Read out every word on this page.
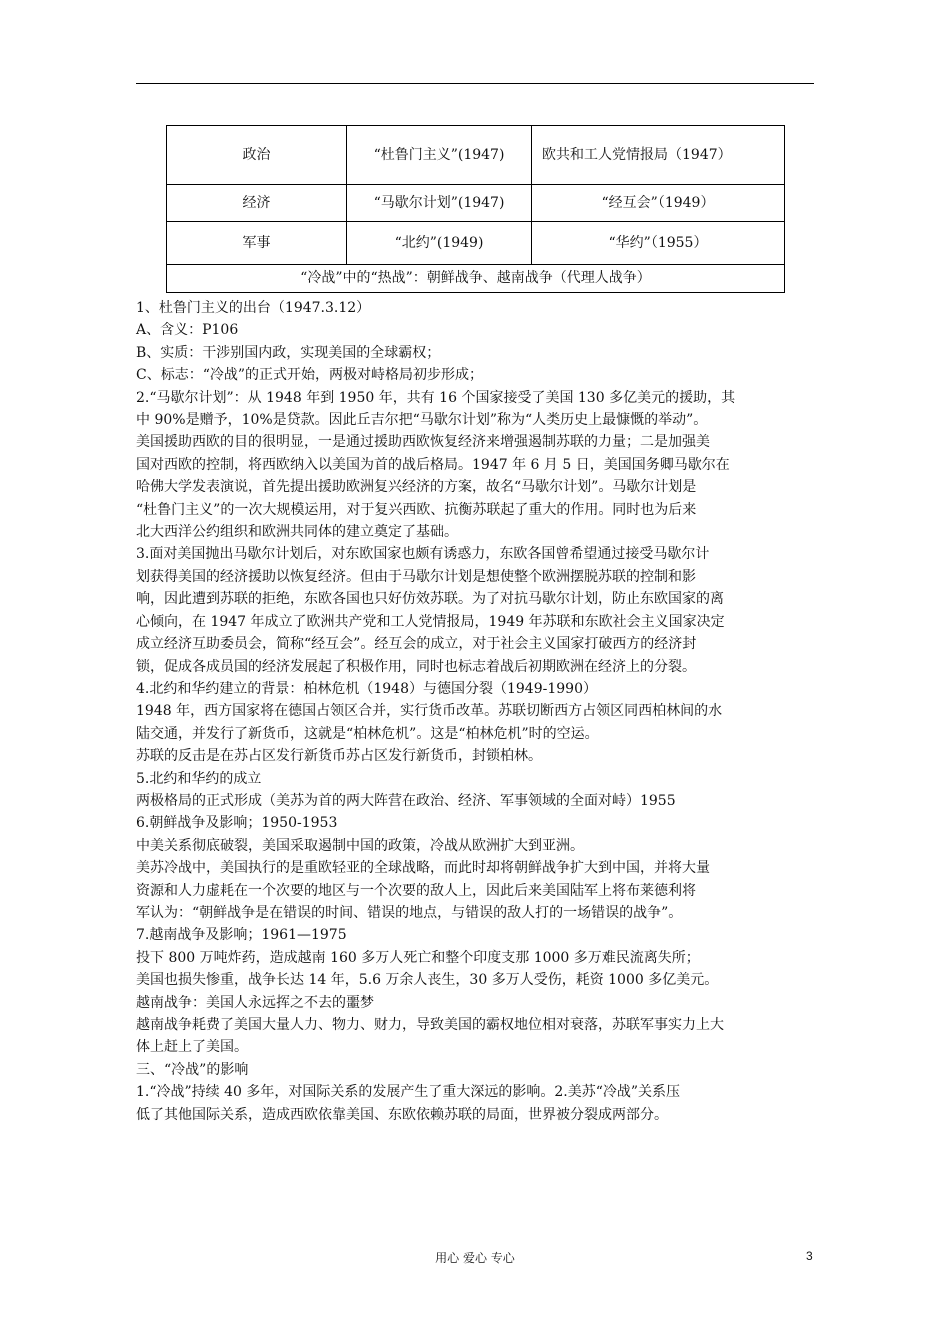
政治	“杜鲁门主义”(1947)	欧共和工人党情报局（1947）
经济	“马歇尔计划”(1947)	“经互会”（1949）
军事	“北约”(1949)	“华约”（1955）
“冷战”中的“热战”：朝鲜战争、越南战争（代理人战争）		

1、杜鲁门主义的出台（1947.3.12）

A、含义：P106

B、实质：干涉别国内政，实现美国的全球霸权；

C、标志：“冷战”的正式开始，两极对峙格局初步形成；

2.“马歇尔计划”：从 1948 年到 1950 年，共有 16 个国家接受了美国 130 多亿美元的援助，其

中 90%是赠予，10%是贷款。因此丘吉尔把“马歇尔计划”称为“人类历史上最慷慨的举动”。

美国援助西欧的目的很明显，一是通过援助西欧恢复经济来增强遏制苏联的力量；二是加强美

国对西欧的控制，将西欧纳入以美国为首的战后格局。1947 年 6 月 5 日，美国国务卿马歇尔在

哈佛大学发表演说，首先提出援助欧洲复兴经济的方案，故名“马歇尔计划”。马歇尔计划是

“杜鲁门主义”的一次大规模运用，对于复兴西欧、抗衡苏联起了重大的作用。同时也为后来

北大西洋公约组织和欧洲共同体的建立奠定了基础。

3.面对美国抛出马歇尔计划后，对东欧国家也颇有诱惑力，东欧各国曾希望通过接受马歇尔计

划获得美国的经济援助以恢复经济。但由于马歇尔计划是想使整个欧洲摆脱苏联的控制和影

响，因此遭到苏联的拒绝，东欧各国也只好仿效苏联。为了对抗马歇尔计划，防止东欧国家的离

心倾向，在 1947 年成立了欧洲共产党和工人党情报局，1949 年苏联和东欧社会主义国家决定

成立经济互助委员会，简称“经互会”。经互会的成立，对于社会主义国家打破西方的经济封

锁，促成各成员国的经济发展起了积极作用，同时也标志着战后初期欧洲在经济上的分裂。

4.北约和华约建立的背景：柏林危机（1948）与德国分裂（1949-1990）

1948 年，西方国家将在德国占领区合并，实行货币改革。苏联切断西方占领区同西柏林间的水

陆交通，并发行了新货币，这就是“柏林危机”。这是“柏林危机”时的空运。

苏联的反击是在苏占区发行新货币苏占区发行新货币，封锁柏林。

5.北约和华约的成立

两极格局的正式形成（美苏为首的两大阵营在政治、经济、军事领域的全面对峙）1955

6.朝鲜战争及影响；1950-1953

中美关系彻底破裂，美国采取遏制中国的政策，冷战从欧洲扩大到亚洲。

美苏冷战中，美国执行的是重欧轻亚的全球战略，而此时却将朝鲜战争扩大到中国，并将大量

资源和人力虚耗在一个次要的地区与一个次要的敌人上，因此后来美国陆军上将布莱德利将

军认为：“朝鲜战争是在错误的时间、错误的地点，与错误的敌人打的一场错误的战争”。

7.越南战争及影响；1961—1975

投下 800 万吨炸药，造成越南 160 多万人死亡和整个印度支那 1000 多万难民流离失所；

美国也损失惨重，战争长达 14 年，5.6 万余人丧生，30 多万人受伤，耗资 1000 多亿美元。

越南战争：美国人永远挥之不去的噩梦

越南战争耗费了美国大量人力、物力、财力，导致美国的霸权地位相对衰落，苏联军事实力上大

体上赶上了美国。

三、“冷战”的影响

1.“冷战”持续 40 多年，对国际关系的发展产生了重大深远的影响。2.美苏“冷战”关系压

低了其他国际关系，造成西欧依靠美国、东欧依赖苏联的局面，世界被分裂成两部分。

用心 爱心 专心	3
